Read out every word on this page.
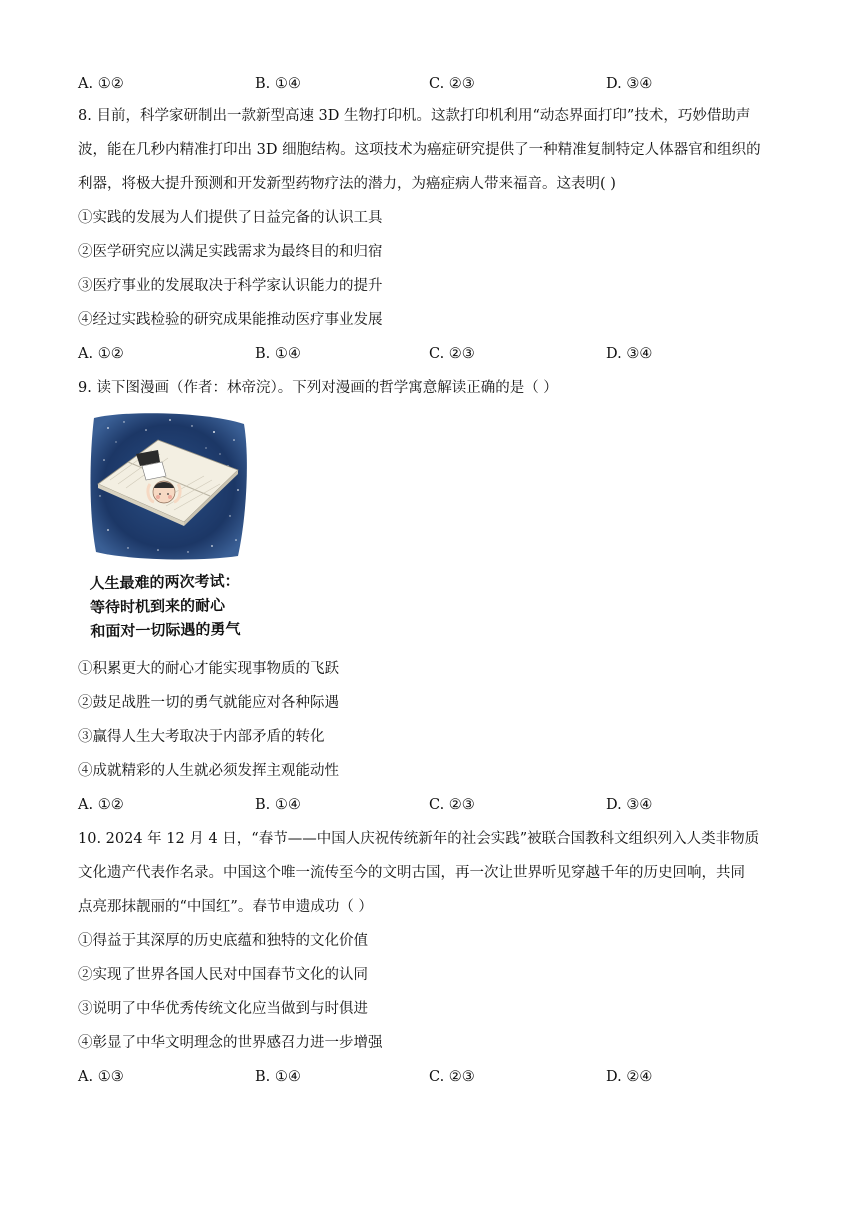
A. ①②	B. ①④	C. ②③	D. ③④
8. 目前，科学家研制出一款新型高速 3D 生物打印机。这款打印机利用“动态界面打印”技术，巧妙借助声
波，能在几秒内精准打印出 3D 细胞结构。这项技术为癌症研究提供了一种精准复制特定人体器官和组织的
利器，将极大提升预测和开发新型药物疗法的潜力，为癌症病人带来福音。这表明( )
①实践的发展为人们提供了日益完备的认识工具
②医学研究应以满足实践需求为最终目的和归宿
③医疗事业的发展取决于科学家认识能力的提升
④经过实践检验的研究成果能推动医疗事业发展
A. ①②	B. ①④	C. ②③	D. ③④
9. 读下图漫画（作者：林帝浣）。下列对漫画的哲学寓意解读正确的是（ ）
人生最难的两次考试：
等待时机到来的耐心
和面对一切际遇的勇气
①积累更大的耐心才能实现事物质的飞跃
②鼓足战胜一切的勇气就能应对各种际遇
③赢得人生大考取决于内部矛盾的转化
④成就精彩的人生就必须发挥主观能动性
A. ①②	B. ①④	C. ②③	D. ③④
10. 2024 年 12 月 4 日，“春节——中国人庆祝传统新年的社会实践”被联合国教科文组织列入人类非物质
文化遗产代表作名录。中国这个唯一流传至今的文明古国，再一次让世界听见穿越千年的历史回响，共同
点亮那抹靓丽的“中国红”。春节申遗成功（ ）
①得益于其深厚的历史底蕴和独特的文化价值
②实现了世界各国人民对中国春节文化的认同
③说明了中华优秀传统文化应当做到与时俱进
④彰显了中华文明理念的世界感召力进一步增强
A. ①③	B. ①④	C. ②③	D. ②④
